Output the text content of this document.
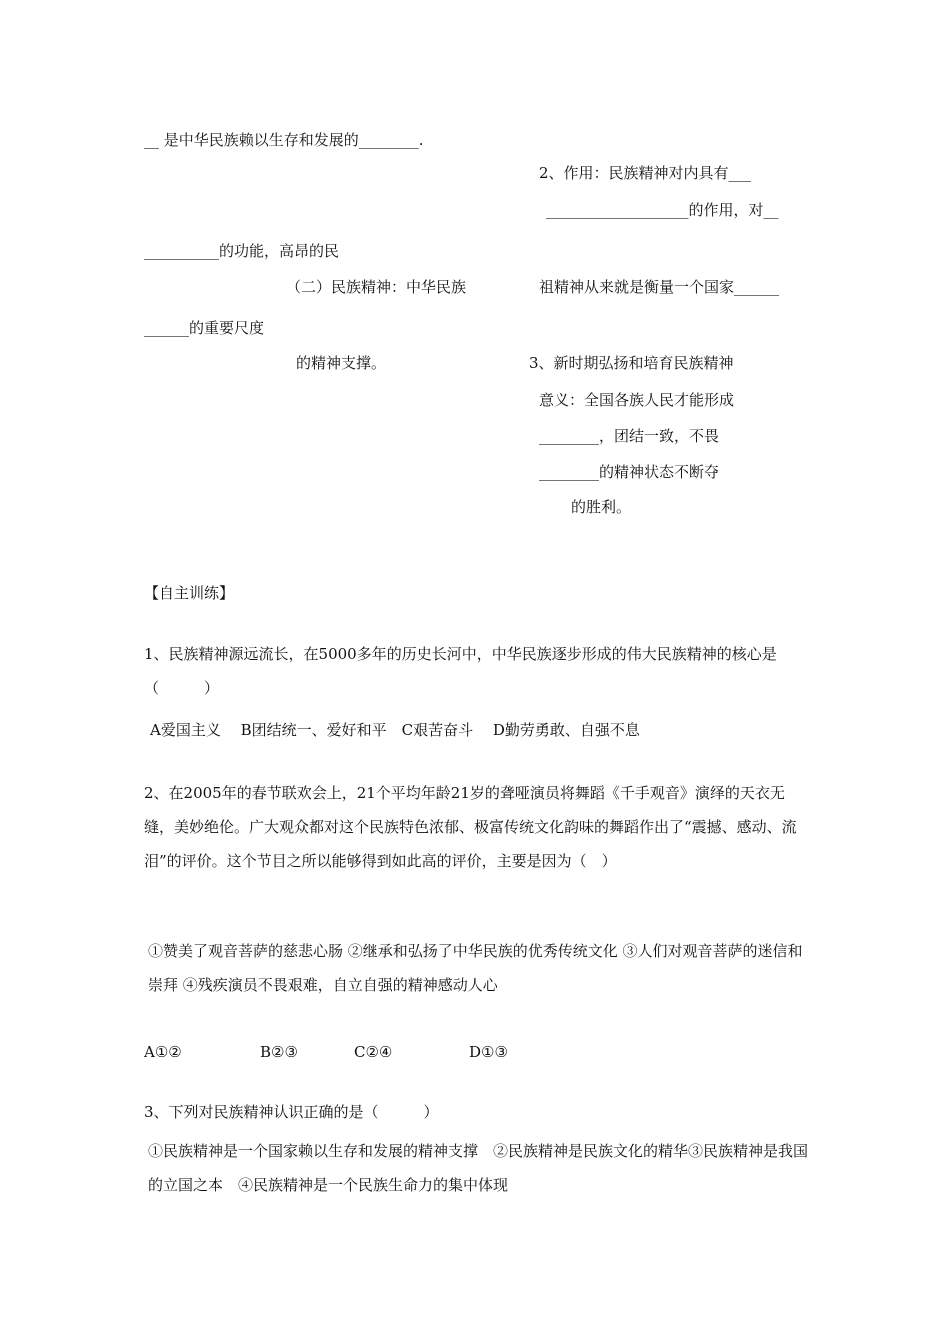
__ 是中华民族赖以生存和发展的________.
2、作用：民族精神对内具有___
___________________的作用，对__
__________的功能，高昂的民
（二）民族精神：中华民族	祖精神从来就是衡量一个国家______
______的重要尺度
的精神支撑。	3、新时期弘扬和培育民族精神
意义：全国各族人民才能形成
________，团结一致，不畏
________的精神状态不断夺
的胜利。
【自主训练】

1、民族精神源远流长，在5000多年的历史长河中，中华民族逐步形成的伟大民族精神的核心是（　　　）

A爱国主义　 B团结统一、爱好和平　C艰苦奋斗　 D勤劳勇敢、自强不息

2、在2005年的春节联欢会上，21个平均年龄21岁的聋哑演员将舞蹈《千手观音》演绎的天衣无缝，美妙绝伦。广大观众都对这个民族特色浓郁、极富传统文化韵味的舞蹈作出了“震撼、感动、流泪”的评价。这个节目之所以能够得到如此高的评价，主要是因为（　）

①赞美了观音菩萨的慈悲心肠 ②继承和弘扬了中华民族的优秀传统文化 ③人们对观音菩萨的迷信和崇拜 ④残疾演员不畏艰难，自立自强的精神感动人心

A①②	B②③	C②④	D①③
3、下列对民族精神认识正确的是（　　　）

①民族精神是一个国家赖以生存和发展的精神支撑　②民族精神是民族文化的精华③民族精神是我国的立国之本　④民族精神是一个民族生命力的集中体现
